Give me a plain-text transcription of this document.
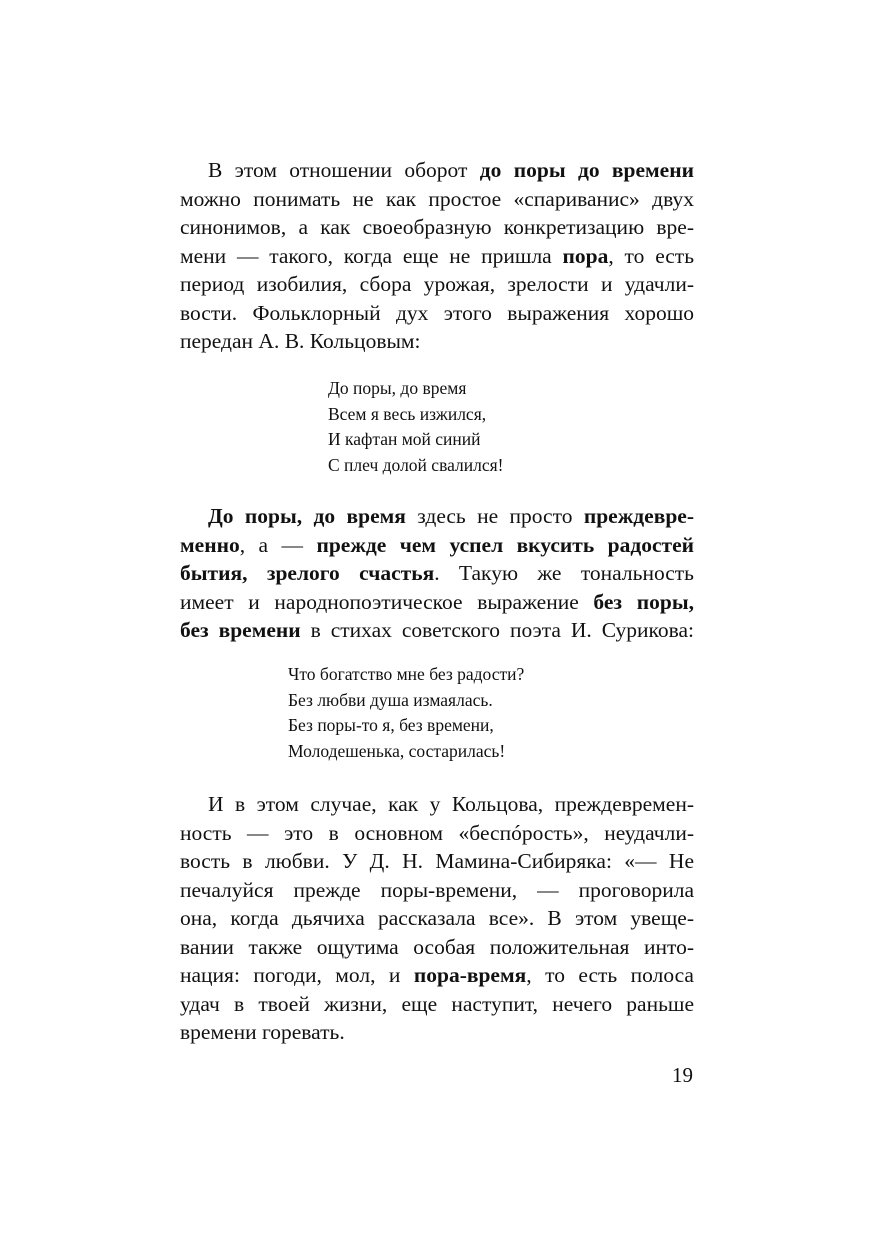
В этом отношении оборот до поры до времени
можно понимать не как простое «спариванис» двух
синонимов, а как своеобразную конкретизацию вре-
мени — такого, когда еще не пришла пора, то есть
период изобилия, сбора урожая, зрелости и удачли-
вости. Фольклорный дух этого выражения хорошо
передан А. В. Кольцовым:
До поры, до время
Всем я весь изжился,
И кафтан мой синий
С плеч долой свалился!
До поры, до время здесь не просто преждевре-
менно, а — прежде чем успел вкусить радостей
бытия, зрелого счастья. Такую же тональность
имеет и народнопоэтическое выражение без поры,
без времени в стихах советского поэта И. Сурикова:
Что богатство мне без радости?
Без любви душа измаялась.
Без поры-то я, без времени,
Молодешенька, состарилась!
И в этом случае, как у Кольцова, преждевремен-
ность — это в основном «беспóрость», неудачли-
вость в любви. У Д. Н. Мамина-Сибиряка: «— Не
печалуйся прежде поры-времени, — проговорила
она, когда дьячиха рассказала все». В этом увеще-
вании также ощутима особая положительная инто-
нация: погоди, мол, и пора-время, то есть полоса
удач в твоей жизни, еще наступит, нечего раньше
времени горевать.
19
